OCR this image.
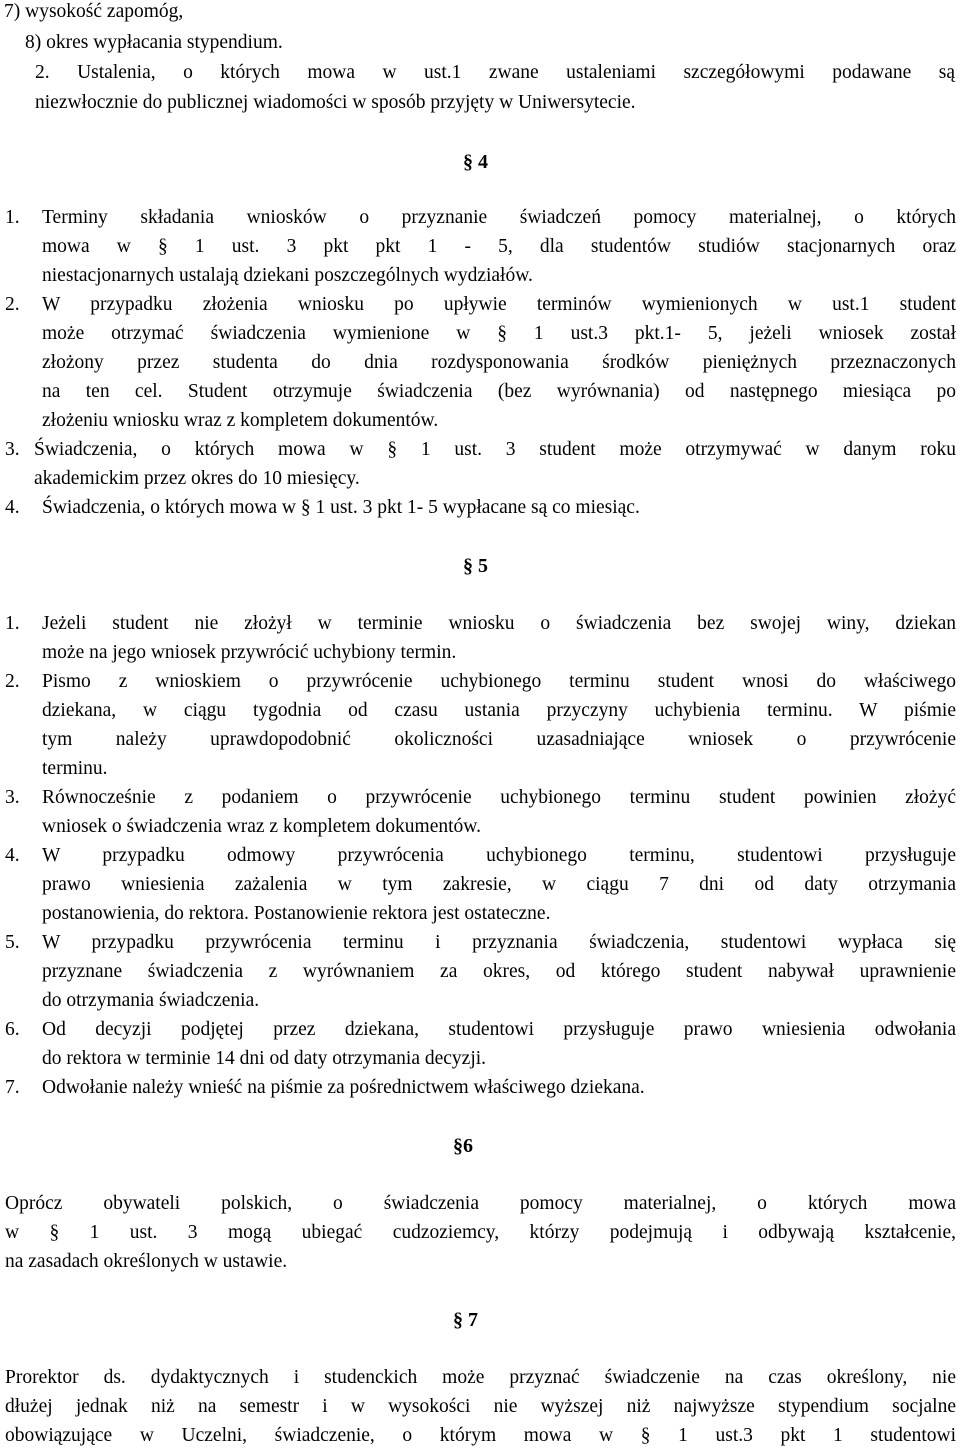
7) wysokość zapomóg,
8) okres wypłacania stypendium.
2. Ustalenia, o których mowa w ust.1 zwane ustaleniami szczegółowymi podawane są
niezwłocznie do publicznej wiadomości w sposób przyjęty w Uniwersytecie.
§ 4
1. Terminy składania wniosków o przyznanie świadczeń pomocy materialnej, o których
mowa w § 1 ust. 3 pkt pkt 1 - 5, dla studentów studiów stacjonarnych oraz
niestacjonarnych ustalają dziekani poszczególnych wydziałów.
2. W przypadku złożenia wniosku po upływie terminów wymienionych w ust.1 student
może otrzymać świadczenia wymienione w § 1 ust.3 pkt.1- 5, jeżeli wniosek został
złożony przez studenta do dnia rozdysponowania środków pieniężnych przeznaczonych
na ten cel. Student otrzymuje świadczenia (bez wyrównania) od następnego miesiąca po
złożeniu wniosku wraz z kompletem dokumentów.
3. Świadczenia, o których mowa w § 1 ust. 3 student może otrzymywać w danym roku
akademickim przez okres do 10 miesięcy.
4. Świadczenia, o których mowa w § 1 ust. 3 pkt 1- 5 wypłacane są co miesiąc.
§ 5
1. Jeżeli student nie złożył w terminie wniosku o świadczenia bez swojej winy, dziekan
może na jego wniosek przywrócić uchybiony termin.
2. Pismo z wnioskiem o przywrócenie uchybionego terminu student wnosi do właściwego
dziekana, w ciągu tygodnia od czasu ustania przyczyny uchybienia terminu. W piśmie
tym należy uprawdopodobnić okoliczności uzasadniające wniosek o przywrócenie
terminu.
3. Równocześnie z podaniem o przywrócenie uchybionego terminu student powinien złożyć
wniosek o świadczenia wraz z kompletem dokumentów.
4. W przypadku odmowy przywrócenia uchybionego terminu, studentowi przysługuje
prawo wniesienia zażalenia w tym zakresie, w ciągu 7 dni od daty otrzymania
postanowienia, do rektora. Postanowienie rektora jest ostateczne.
5. W przypadku przywrócenia terminu i przyznania świadczenia, studentowi wypłaca się
przyznane świadczenia z wyrównaniem za okres, od którego student nabywał uprawnienie
do otrzymania świadczenia.
6. Od decyzji podjętej przez dziekana, studentowi przysługuje prawo wniesienia odwołania
do rektora w terminie 14 dni od daty otrzymania decyzji.
7. Odwołanie należy wnieść na piśmie za pośrednictwem właściwego dziekana.
§6
Oprócz obywateli polskich, o świadczenia pomocy materialnej, o których mowa
w § 1 ust. 3 mogą ubiegać cudzoziemcy, którzy podejmują i odbywają kształcenie,
na zasadach określonych w ustawie.
§ 7
Prorektor ds. dydaktycznych i studenckich może przyznać świadczenie na czas określony, nie
dłużej jednak niż na semestr i w wysokości nie wyższej niż najwyższe stypendium socjalne
obowiązujące w Uczelni, świadczenie, o którym mowa w § 1 ust.3 pkt 1 studentowi
